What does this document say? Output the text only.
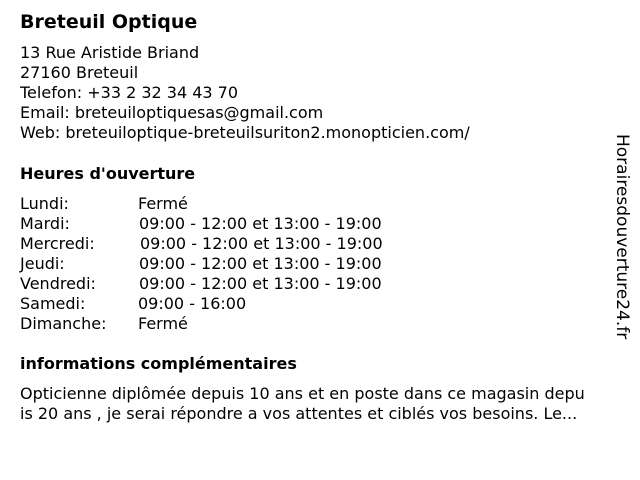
Breteuil Optique
13 Rue Aristide Briand
27160 Breteuil
Telefon: +33 2 32 34 43 70
Email: breteuiloptiquesas@gmail.com
Web: breteuiloptique-breteuilsuriton2.monopticien.com/
Heures d'ouverture
Lundi:	Fermé
Mardi:	09:00 - 12:00 et 13:00 - 19:00
Mercredi:	09:00 - 12:00 et 13:00 - 19:00
Jeudi:	09:00 - 12:00 et 13:00 - 19:00
Vendredi:	09:00 - 12:00 et 13:00 - 19:00
Samedi:	09:00 - 16:00
Dimanche: Fermé
informations complémentaires
Opticienne diplômée depuis 10 ans et en poste dans ce magasin depu
is 20 ans , je serai répondre a vos attentes et ciblés vos besoins. Le...
Horairesdouverture24.fr
